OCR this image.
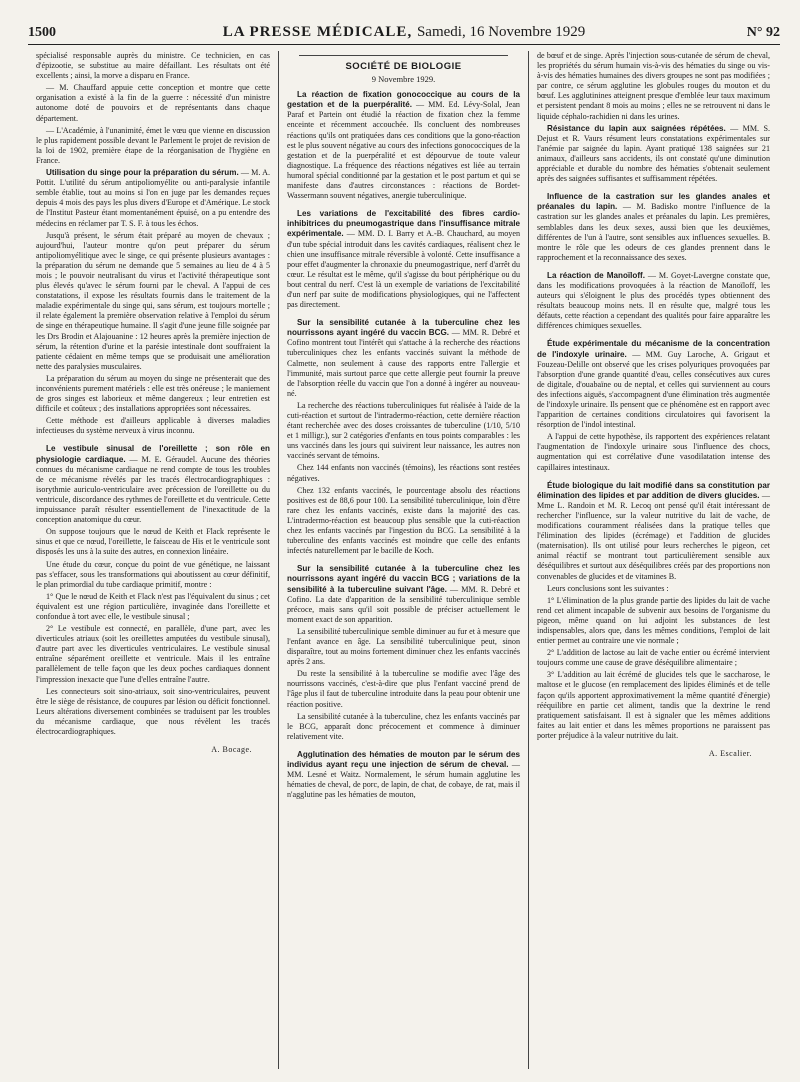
1500	LA PRESSE MÉDICALE, Samedi, 16 Novembre 1929	N° 92

spécialisé responsable auprès du ministre. Ce technicien, en cas d'épizootie, se substitue au maire défaillant. Les résultats ont été excellents ; ainsi, la morve a disparu en France.

— M. Chauffard appuie cette conception et montre que cette organisation a existé à la fin de la guerre : nécessité d'un ministre autonome doté de pouvoirs et de représentants dans chaque département.

— L'Académie, à l'unanimité, émet le vœu que vienne en discussion le plus rapidement possible devant le Parlement le projet de revision de la loi de 1902, première étape de la réorganisation de l'hygiène en France.

Utilisation du singe pour la préparation du sérum. — M. A. Pottit. L'utilité du sérum antipoliomyélite ou anti-paralysie infantile semble établie, tout au moins si l'on en juge par les demandes reçues depuis 4 mois des pays les plus divers d'Europe et d'Amérique. Le stock de l'Institut Pasteur étant momentanément épuisé, on a pu entendre des médecins en réclamer par T. S. F. à tous les échos.

Jusqu'à présent, le sérum était préparé au moyen de chevaux ; aujourd'hui, l'auteur montre qu'on peut préparer du sérum antipoliomyélitique avec le singe, ce qui présente plusieurs avantages : la préparation du sérum ne demande que 5 semaines au lieu de 4 à 5 mois ; le pouvoir neutralisant du virus et l'activité thérapeutique sont plus élevés qu'avec le sérum fourni par le cheval. A l'appui de ces constatations, il expose les résultats fournis dans le traitement de la maladie expérimentale du singe qui, sans sérum, est toujours mortelle ; il relate également la première observation relative à l'emploi du sérum de singe en thérapeutique humaine. Il s'agit d'une jeune fille soignée par les Drs Brodin et Alajouanine : 12 heures après la première injection de sérum, la rétention d'urine et la parésie intestinale dont souffraient la patiente cédaient en même temps que se produisait une amélioration nette des paralysies musculaires.

La préparation du sérum au moyen du singe ne présenterait que des inconvénients purement matériels : elle est très onéreuse ; le maniement de gros singes est laborieux et même dangereux ; leur entretien est difficile et coûteux ; des installations appropriées sont nécessaires.

Cette méthode est d'ailleurs applicable à diverses maladies infectieuses du système nerveux à virus inconnu.

Le vestibule sinusal de l'oreillette ; son rôle en physiologie cardiaque. — M. E. Géraudel. Aucune des théories connues du mécanisme cardiaque ne rend compte de tous les troubles de ce mécanisme révélés par les tracés électrocardiographiques : isorythmie auriculo-ventriculaire avec précession de l'oreillette ou du ventricule, discordance des rythmes de l'oreillette et du ventricule. Cette impuissance paraît résulter essentiellement de l'inexactitude de la conception anatomique du cœur.

On suppose toujours que le nœud de Keith et Flack représente le sinus et que ce nœud, l'oreillette, le faisceau de His et le ventricule sont disposés les uns à la suite des autres, en connexion linéaire.

Une étude du cœur, conçue du point de vue génétique, ne laissant pas s'effacer, sous les transformations qui aboutissent au cœur définitif, le plan primordial du tube cardiaque primitif, montre :

1° Que le nœud de Keith et Flack n'est pas l'équivalent du sinus ; cet équivalent est une région particulière, invaginée dans l'oreillette et confondue à tort avec elle, le vestibule sinusal ;

2° Le vestibule est connecté, en parallèle, d'une part, avec les diverticules atriaux (soit les oreillettes amputées du vestibule sinusal), d'autre part avec les diverticules ventriculaires. Le vestibule sinusal entraîne séparément oreillette et ventricule. Mais il les entraîne parallèlement de telle façon que les deux poches cardiaques donnent l'impression inexacte que l'une d'elles entraîne l'autre.

Les connecteurs soit sino-atriaux, soit sino-ventriculaires, peuvent être le siège de résistance, de coupures par lésion ou déficit fonctionnel. Leurs altérations diversement combinées se traduisent par les troubles du mécanisme cardiaque, que nous révèlent les tracés électrocardiographiques.

A. Bocage.
SOCIÉTÉ DE BIOLOGIE
9 Novembre 1929.

La réaction de fixation gonococcique au cours de la gestation et de la puerpéralité. — MM. Ed. Lévy-Solal, Jean Paraf et Partein ont étudié la réaction de fixation chez la femme enceinte et récemment accouchée. Ils concluent des nombreuses réactions qu'ils ont pratiquées dans ces conditions que la gono-réaction est le plus souvent négative au cours des infections gonococciques de la gestation et de la puerpéralité et est dépourvue de toute valeur diagnostique. La fréquence des réactions négatives est liée au terrain humoral spécial conditionné par la gestation et le post partum et qui se manifeste dans d'autres circonstances : réactions de Bordet-Wassermann souvent négatives, anergie tuberculinique.

Les variations de l'excitabilité des fibres cardio-inhibitrices du pneumogastrique dans l'insuffisance mitrale expérimentale. — MM. D. I. Barry et A.-B. Chauchard, au moyen d'un tube spécial introduit dans les cavités cardiaques, réalisent chez le chien une insuffisance mitrale réversible à volonté. Cette insuffisance a pour effet d'augmenter la chronaxie du pneumogastrique, nerf d'arrêt du cœur. Le résultat est le même, qu'il s'agisse du bout périphérique ou du bout central du nerf. C'est là un exemple de variations de l'excitabilité d'un nerf par suite de modifications physiologiques, qui ne l'affectent pas directement.

Sur la sensibilité cutanée à la tuberculine chez les nourrissons ayant ingéré du vaccin BCG. — MM. R. Debré et Cofino montrent tout l'intérêt qui s'attache à la recherche des réactions tuberculiniques chez les enfants vaccinés suivant la méthode de Calmette, non seulement à cause des rapports entre l'allergie et l'immunité, mais surtout parce que cette allergie peut fournir la preuve de l'absorption réelle du vaccin que l'on a donné à ingérer au nouveau-né.

La recherche des réactions tuberculiniques fut réalisée à l'aide de la cuti-réaction et surtout de l'intradermo-réaction, cette dernière réaction étant recherchée avec des doses croissantes de tuberculine (1/10, 5/10 et 1 milligr.), sur 2 catégories d'enfants en tous points comparables : les uns vaccinés dans les jours qui suivirent leur naissance, les autres non vaccinés servant de témoins.

Chez 144 enfants non vaccinés (témoins), les réactions sont restées négatives.

Chez 132 enfants vaccinés, le pourcentage absolu des réactions positives est de 88,6 pour 100. La sensibilité tuberculinique, loin d'être rare chez les enfants vaccinés, existe dans la majorité des cas. L'intradermo-réaction est beaucoup plus sensible que la cuti-réaction chez les enfants vaccinés par l'ingestion du BCG. La sensibilité à la tuberculine des enfants vaccinés est moindre que celle des enfants infectés naturellement par le bacille de Koch.

Sur la sensibilité cutanée à la tuberculine chez les nourrissons ayant ingéré du vaccin BCG ; variations de la sensibilité à la tuberculine suivant l'âge. — MM. R. Debré et Cofino. La date d'apparition de la sensibilité tuberculinique semble précoce, mais sans qu'il soit possible de préciser actuellement le moment exact de son apparition.

La sensibilité tuberculinique semble diminuer au fur et à mesure que l'enfant avance en âge. La sensibilité tuberculinique peut, sinon disparaître, tout au moins fortement diminuer chez les enfants vaccinés après 2 ans.

Du reste la sensibilité à la tuberculine se modifie avec l'âge des nourrissons vaccinés, c'est-à-dire que plus l'enfant vacciné prend de l'âge plus il faut de tuberculine introduite dans la peau pour obtenir une réaction positive.

La sensibilité cutanée à la tuberculine, chez les enfants vaccinés par le BCG, apparaît donc précocement et commence à diminuer relativement vite.

Agglutination des hématies de mouton par le sérum des individus ayant reçu une injection de sérum de cheval. — MM. Lesné et Waitz. Normalement, le sérum humain agglutine les hématies de cheval, de porc, de lapin, de chat, de cobaye, de rat, mais il n'agglutine pas les hématies de mouton,

de bœuf et de singe. Après l'injection sous-cutanée de sérum de cheval, les propriétés du sérum humain vis-à-vis des hématies du singe ou vis-à-vis des hématies humaines des divers groupes ne sont pas modifiées ; par contre, ce sérum agglutine les globules rouges du mouton et du bœuf. Les agglutinines atteignent presque d'emblée leur taux maximum et persistent pendant 8 mois au moins ; elles ne se retrouvent ni dans le liquide céphalo-rachidien ni dans les urines.

Résistance du lapin aux saignées répétées. — MM. S. Dejust et R. Vaurs résument leurs constatations expérimentales sur l'anémie par saignée du lapin. Ayant pratiqué 138 saignées sur 21 animaux, d'ailleurs sans accidents, ils ont constaté qu'une diminution appréciable et durable du nombre des hématies s'obtenait seulement après des saignées suffisantes et suffisamment répétées.

Influence de la castration sur les glandes anales et préanales du lapin. — M. Badisko montre l'influence de la castration sur les glandes anales et préanales du lapin. Les premières, semblables dans les deux sexes, aussi bien que les deuxièmes, différentes de l'un à l'autre, sont sensibles aux influences sexuelles. B. montre le rôle que les odeurs de ces glandes prennent dans le rapprochement et la reconnaissance des sexes.

La réaction de Manoïloff. — M. Goyet-Lavergne constate que, dans les modifications provoquées à la réaction de Manoïloff, les auteurs qui s'éloignent le plus des procédés types obtiennent des résultats beaucoup moins nets. Il en résulte que, malgré tous les défauts, cette réaction a cependant des qualités pour faire apparaître les différences chimiques sexuelles.

Étude expérimentale du mécanisme de la concentration de l'indoxyle urinaire. — MM. Guy Laroche, A. Grigaut et Fouzeau-Delille ont observé que les crises polyuriques provoquées par l'absorption d'une grande quantité d'eau, celles consécutives aux cures de digitale, d'ouabaïne ou de neptal, et celles qui surviennent au cours des infections aiguës, s'accompagnent d'une élimination très augmentée de l'indoxyle urinaire. Ils pensent que ce phénomène est en rapport avec l'apparition de certaines conditions circulatoires qui favorisent la résorption de l'indol intestinal.

A l'appui de cette hypothèse, ils rapportent des expériences relatant l'augmentation de l'indoxyle urinaire sous l'influence des chocs, augmentation qui est corrélative d'une vasodilatation intense des capillaires intestinaux.

Étude biologique du lait modifié dans sa constitution par élimination des lipides et par addition de divers glucides. — Mme L. Randoin et M. R. Lecoq ont pensé qu'il était intéressant de rechercher l'influence, sur la valeur nutritive du lait de vache, de modifications couramment réalisées dans la pratique telles que l'élimination des lipides (écrémage) et l'addition de glucides (maternisation). Ils ont utilisé pour leurs recherches le pigeon, cet animal réactif se montrant tout particulièrement sensible aux déséquilibres et surtout aux déséquilibres créés par des proportions non convenables de glucides et de vitamines B.

Leurs conclusions sont les suivantes :

1° L'élimination de la plus grande partie des lipides du lait de vache rend cet aliment incapable de subvenir aux besoins de l'organisme du pigeon, même quand on lui adjoint les substances de lest indispensables, alors que, dans les mêmes conditions, l'emploi de lait entier permet au contraire une vie normale ;

2° L'addition de lactose au lait de vache entier ou écrémé intervient toujours comme une cause de grave déséquilibre alimentaire ;

3° L'addition au lait écrémé de glucides tels que le saccharose, le maltose et le glucose (en remplacement des lipides éliminés et de telle façon qu'ils apportent approximativement la même quantité d'énergie) rééquilibre en partie cet aliment, tandis que la dextrine le rend pratiquement satisfaisant. Il est à signaler que les mêmes additions faites au lait entier et dans les mêmes proportions ne paraissent pas porter préjudice à la valeur nutritive du lait.

A. Escalier.
